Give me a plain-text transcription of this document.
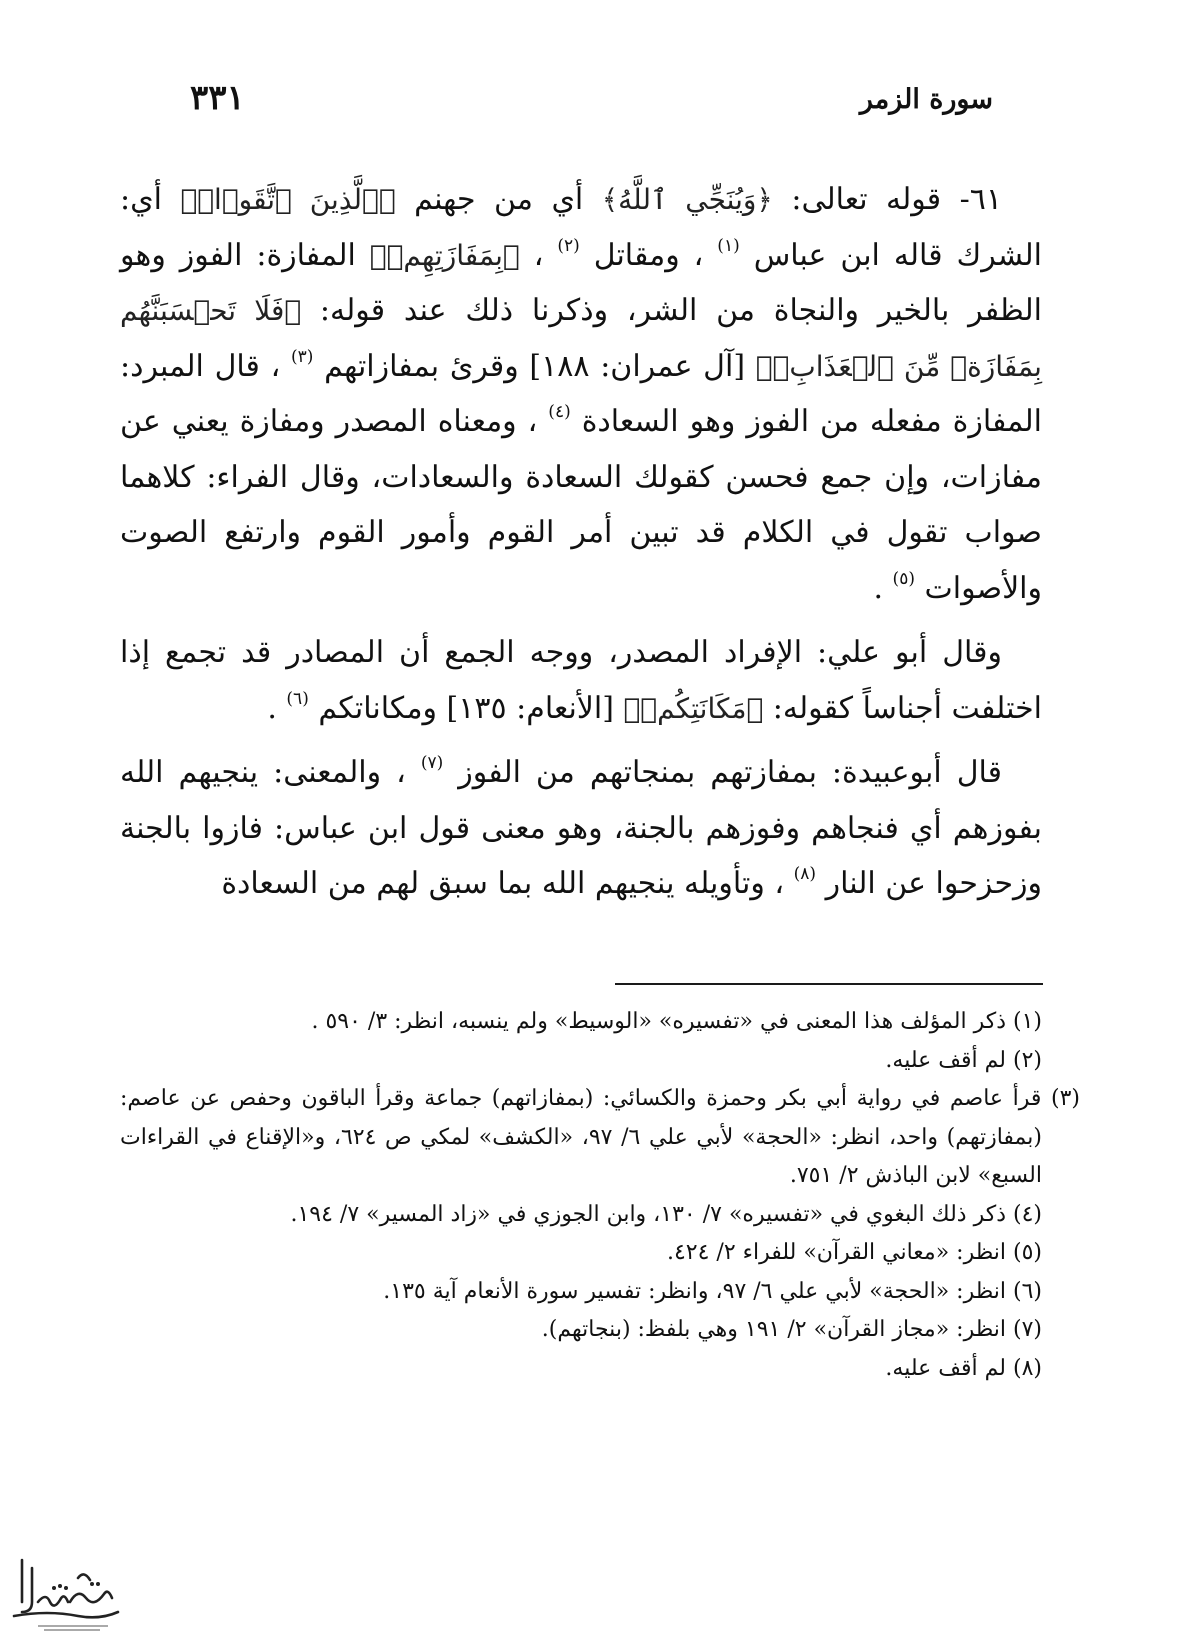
سورة الزمر
٣٣١

٦١- قوله تعالى: ﴿وَيُنَجِّي ٱللَّهُ﴾ أي من جهنم ﴿ٱلَّذِينَ ٱتَّقَوۡا۟﴾ أي: الشرك قاله ابن عباس $^{(١)}$ ، ومقاتل $^{(٢)}$ ، ﴿بِمَفَازَتِهِمۡ﴾ المفازة: الفوز وهو الظفر بالخير والنجاة من الشر، وذكرنا ذلك عند قوله: ﴿فَلَا تَحۡسَبَنَّهُم بِمَفَازَةٖ مِّنَ ٱلۡعَذَابِۖ﴾ [آل عمران: ١٨٨] وقرئ بمفازاتهم $^{(٣)}$ ، قال المبرد: المفازة مفعله من الفوز وهو السعادة $^{(٤)}$ ، ومعناه المصدر ومفازة يعني عن مفازات، وإن جمع فحسن كقولك السعادة والسعادات، وقال الفراء: كلاهما صواب تقول في الكلام قد تبين أمر القوم وأمور القوم وارتفع الصوت والأصوات $^{(٥)}$ .

وقال أبو علي: الإفراد المصدر، ووجه الجمع أن المصادر قد تجمع إذا اختلفت أجناساً كقوله: ﴿مَكَانَتِكُمۡ﴾ [الأنعام: ١٣٥] ومكاناتكم $^{(٦)}$ .

قال أبوعبيدة: بمفازتهم بمنجاتهم من الفوز $^{(٧)}$ ، والمعنى: ينجيهم الله بفوزهم أي فنجاهم وفوزهم بالجنة، وهو معنى قول ابن عباس: فازوا بالجنة وزحزحوا عن النار $^{(٨)}$ ، وتأويله ينجيهم الله بما سبق لهم من السعادة

(١) ذكر المؤلف هذا المعنى في «تفسيره» «الوسيط» ولم ينسبه، انظر: ٣/ ٥٩٠ .

(٢) لم أقف عليه.

(٣) قرأ عاصم في رواية أبي بكر وحمزة والكسائي: (بمفازاتهم) جماعة وقرأ الباقون وحفص عن عاصم: (بمفازتهم) واحد، انظر: «الحجة» لأبي علي ٦/ ٩٧، «الكشف» لمكي ص ٦٢٤، و«الإقناع في القراءات السبع» لابن الباذش ٢/ ٧٥١.

(٤) ذكر ذلك البغوي في «تفسيره» ٧/ ١٣٠، وابن الجوزي في «زاد المسير» ٧/ ١٩٤.

(٥) انظر: «معاني القرآن» للفراء ٢/ ٤٢٤.

(٦) انظر: «الحجة» لأبي علي ٦/ ٩٧، وانظر: تفسير سورة الأنعام آية ١٣٥.

(٧) انظر: «مجاز القرآن» ٢/ ١٩١ وهي بلفظ: (بنجاتهم).

(٨) لم أقف عليه.
